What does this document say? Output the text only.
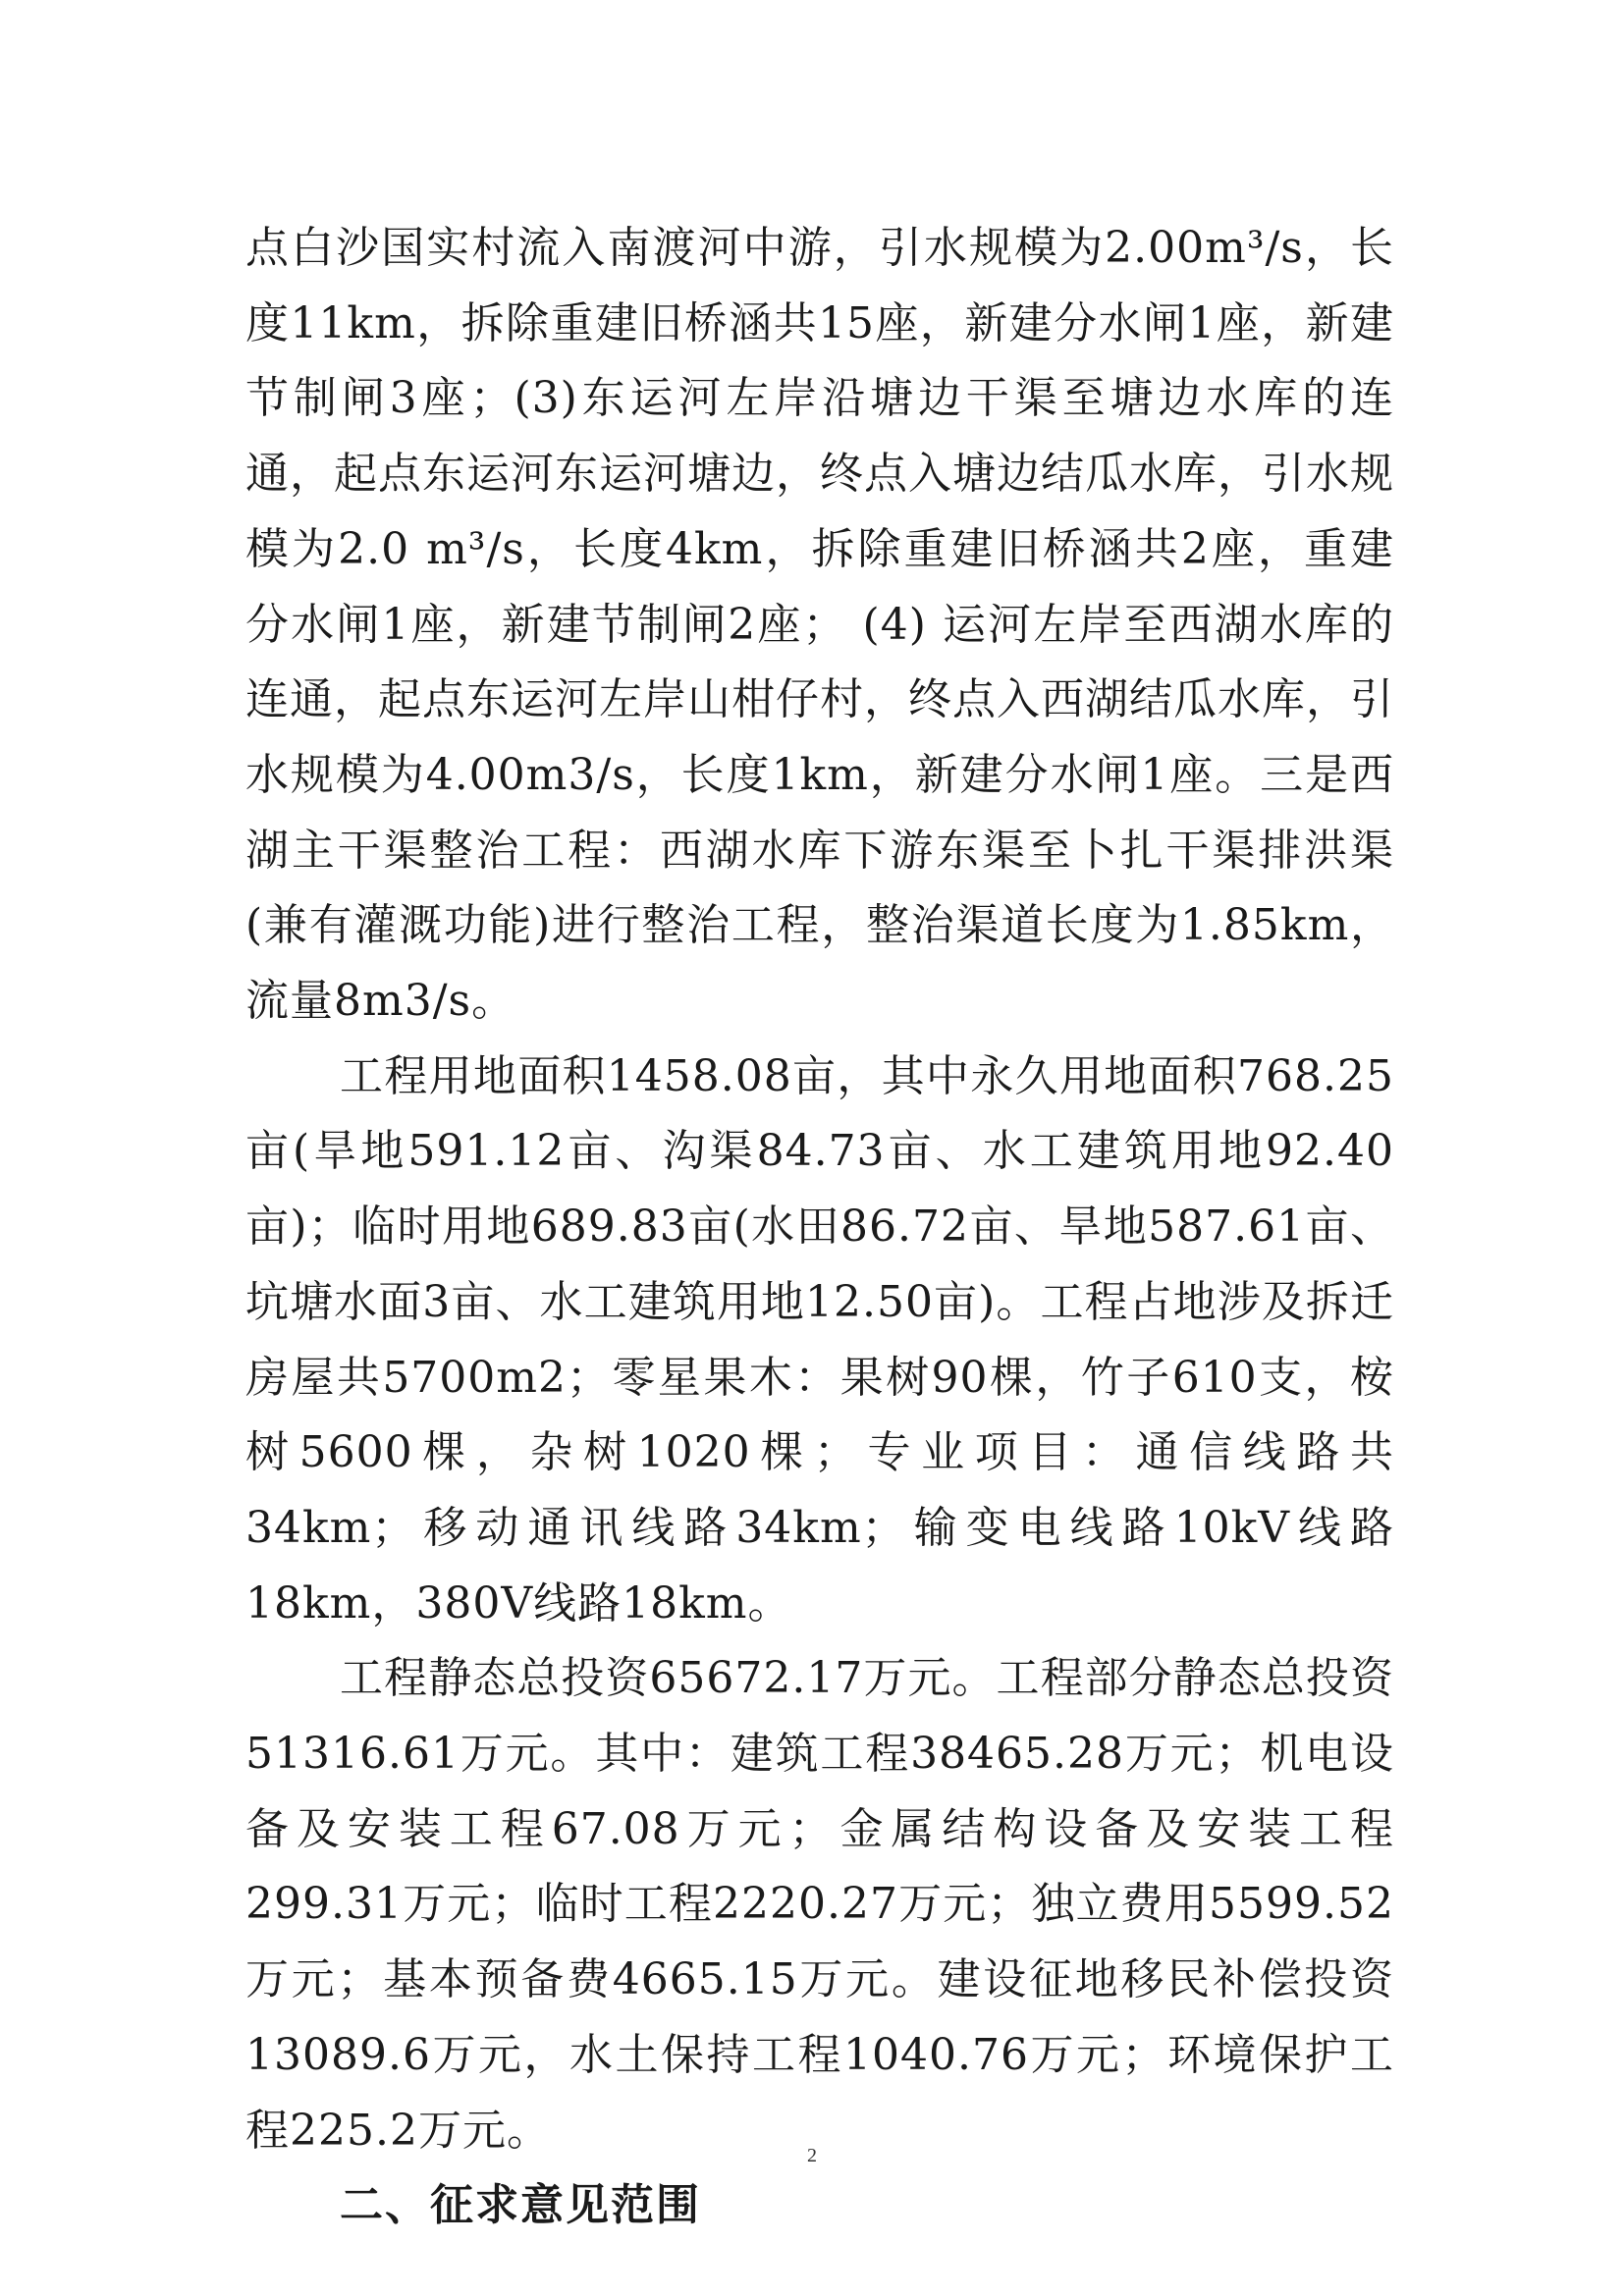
点白沙国实村流入南渡河中游，引水规模为2.00m³/s，长度11km，拆除重建旧桥涵共15座，新建分水闸1座，新建节制闸3座；(3)东运河左岸沿塘边干渠至塘边水库的连通，起点东运河东运河塘边，终点入塘边结瓜水库，引水规模为2.0 m³/s，长度4km，拆除重建旧桥涵共2座，重建分水闸1座，新建节制闸2座； (4) 运河左岸至西湖水库的连通，起点东运河左岸山柑仔村，终点入西湖结瓜水库，引水规模为4.00m3/s，长度1km，新建分水闸1座。三是西湖主干渠整治工程：西湖水库下游东渠至卜扎干渠排洪渠(兼有灌溉功能)进行整治工程，整治渠道长度为1.85km，流量8m3/s。

工程用地面积1458.08亩，其中永久用地面积768.25亩(旱地591.12亩、沟渠84.73亩、水工建筑用地92.40亩)；临时用地689.83亩(水田86.72亩、旱地587.61亩、坑塘水面3亩、水工建筑用地12.50亩)。工程占地涉及拆迁房屋共5700m2；零星果木：果树90棵，竹子610支，桉树5600棵，杂树1020棵；专业项目：通信线路共34km；移动通讯线路34km；输变电线路10kV线路18km，380V线路18km。

工程静态总投资65672.17万元。工程部分静态总投资51316.61万元。其中：建筑工程38465.28万元；机电设备及安装工程67.08万元；金属结构设备及安装工程299.31万元；临时工程2220.27万元；独立费用5599.52万元；基本预备费4665.15万元。建设征地移民补偿投资13089.6万元，水土保持工程1040.76万元；环境保护工程225.2万元。

二、征求意见范围

2
